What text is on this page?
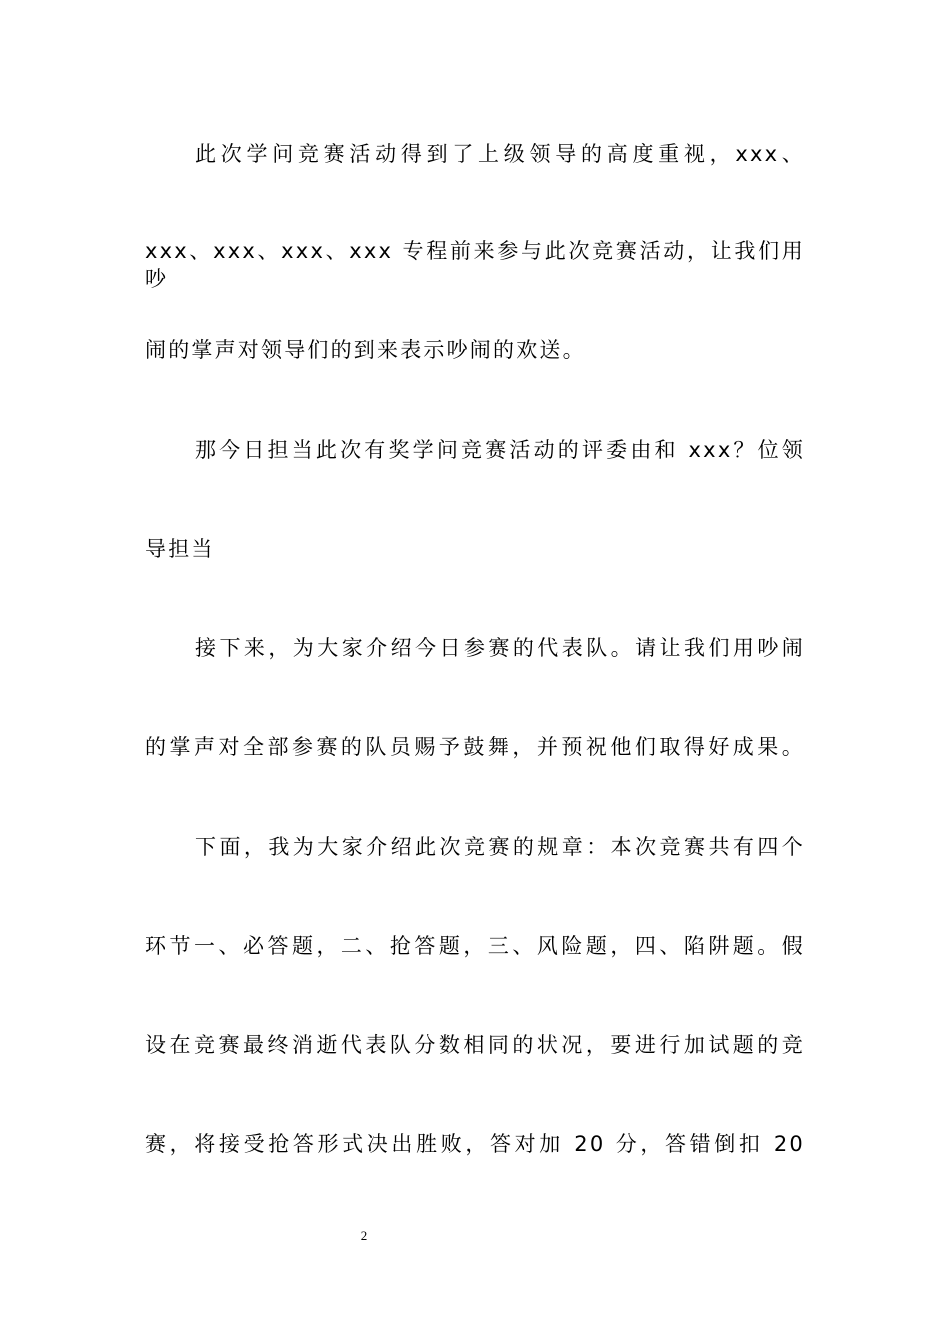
此次学问竞赛活动得到了上级领导的高度重视，xxx、
xxx、xxx、xxx、xxx 专程前来参与此次竞赛活动，让我们用吵
闹的掌声对领导们的到来表示吵闹的欢送。
那今日担当此次有奖学问竞赛活动的评委由和 xxx？位领
导担当
接下来，为大家介绍今日参赛的代表队。请让我们用吵闹
的掌声对全部参赛的队员赐予鼓舞，并预祝他们取得好成果。
下面，我为大家介绍此次竞赛的规章：本次竞赛共有四个
环节一、必答题，二、抢答题，三、风险题，四、陷阱题。假
设在竞赛最终消逝代表队分数相同的状况，要进行加试题的竞
赛，将接受抢答形式决出胜败，答对加 20 分，答错倒扣 20
2
